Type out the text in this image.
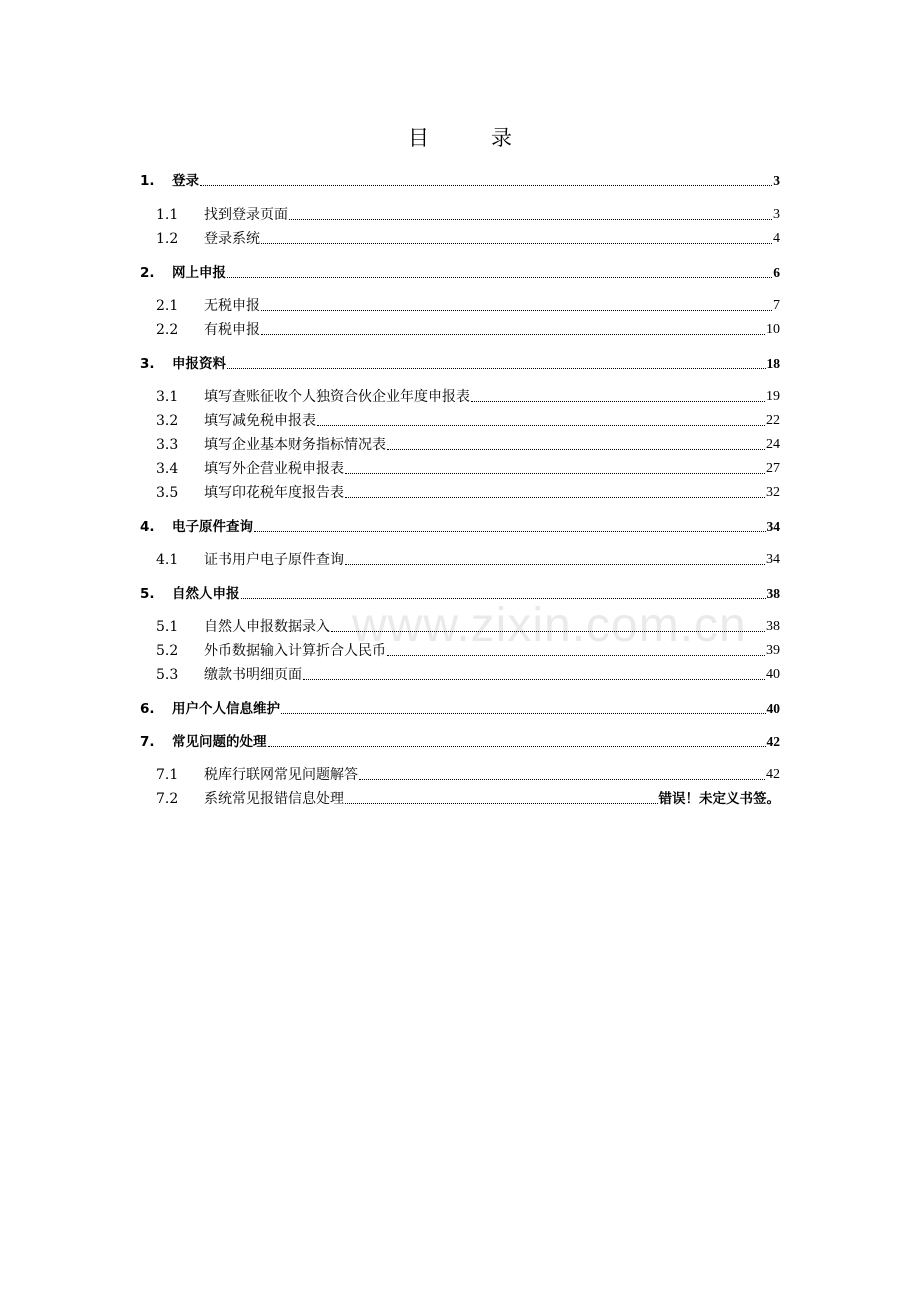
目录
www.zixin.com.cn
1.	登录	3
1.1	找到登录页面	3
1.2	登录系统	4
2.	网上申报	6
2.1	无税申报	7
2.2	有税申报	10
3.	申报资料	18
3.1	填写查账征收个人独资合伙企业年度申报表	19
3.2	填写减免税申报表	22
3.3	填写企业基本财务指标情况表	24
3.4	填写外企营业税申报表	27
3.5	填写印花税年度报告表	32
4.	电子原件查询	34
4.1	证书用户电子原件查询	34
5.	自然人申报	38
5.1	自然人申报数据录入	38
5.2	外币数据输入计算折合人民币	39
5.3	缴款书明细页面	40
6.	用户个人信息维护	40
7.	常见问题的处理	42
7.1	税库行联网常见问题解答	42
7.2	系统常见报错信息处理	错误！未定义书签。
